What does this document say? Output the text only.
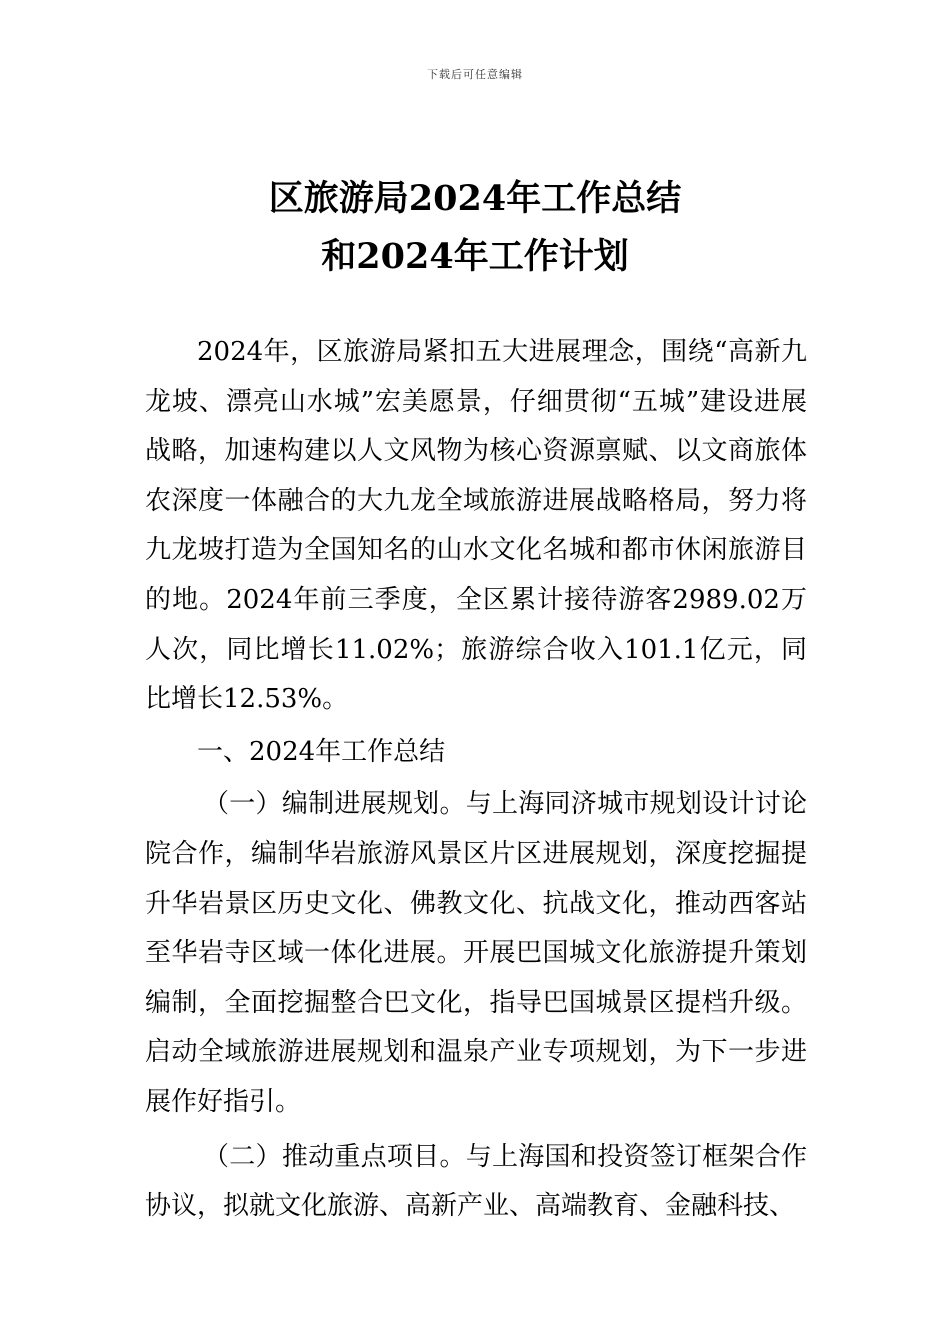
下载后可任意编辑
区旅游局2024年工作总结
和2024年工作计划

2024年，区旅游局紧扣五大进展理念，围绕“高新九龙坡、漂亮山水城”宏美愿景，仔细贯彻“五城”建设进展战略，加速构建以人文风物为核心资源禀赋、以文商旅体农深度一体融合的大九龙全域旅游进展战略格局，努力将九龙坡打造为全国知名的山水文化名城和都市休闲旅游目的地。2024年前三季度，全区累计接待游客2989.02万人次，同比增长11.02%；旅游综合收入101.1亿元，同比增长12.53%。

一、2024年工作总结

（一）编制进展规划。与上海同济城市规划设计讨论院合作，编制华岩旅游风景区片区进展规划，深度挖掘提升华岩景区历史文化、佛教文化、抗战文化，推动西客站至华岩寺区域一体化进展。开展巴国城文化旅游提升策划编制，全面挖掘整合巴文化，指导巴国城景区提档升级。启动全域旅游进展规划和温泉产业专项规划，为下一步进展作好指引。

（二）推动重点项目。与上海国和投资签订框架合作协议，拟就文化旅游、高新产业、高端教育、金融科技、
